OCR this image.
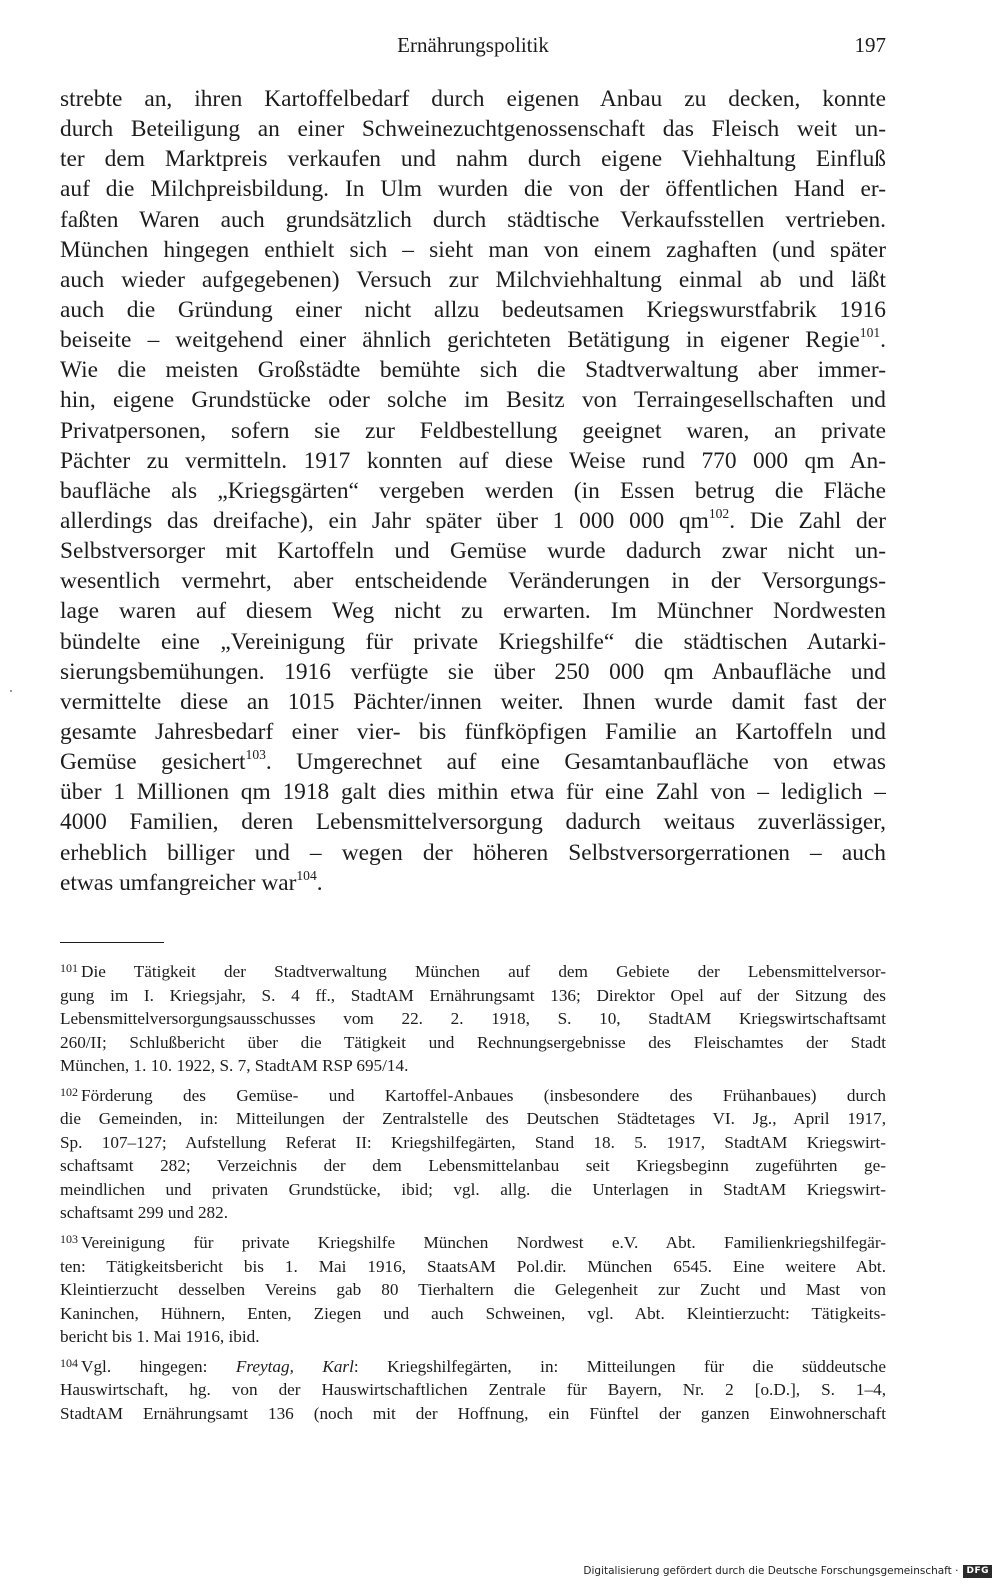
Ernährungspolitik	197
strebte an, ihren Kartoffelbedarf durch eigenen Anbau zu decken, konnte
durch Beteiligung an einer Schweinezuchtgenossenschaft das Fleisch weit un-
ter dem Marktpreis verkaufen und nahm durch eigene Viehhaltung Einfluß
auf die Milchpreisbildung. In Ulm wurden die von der öffentlichen Hand er-
faßten Waren auch grundsätzlich durch städtische Verkaufsstellen vertrieben.
München hingegen enthielt sich – sieht man von einem zaghaften (und später
auch wieder aufgegebenen) Versuch zur Milchviehhaltung einmal ab und läßt
auch die Gründung einer nicht allzu bedeutsamen Kriegswurstfabrik 1916
beiseite – weitgehend einer ähnlich gerichteten Betätigung in eigener Regie$^{101}$.
Wie die meisten Großstädte bemühte sich die Stadtverwaltung aber immer-
hin, eigene Grundstücke oder solche im Besitz von Terraingesellschaften und
Privatpersonen, sofern sie zur Feldbestellung geeignet waren, an private
Pächter zu vermitteln. 1917 konnten auf diese Weise rund 770 000 qm An-
baufläche als „Kriegsgärten“ vergeben werden (in Essen betrug die Fläche
allerdings das dreifache), ein Jahr später über 1 000 000 $qm^{102}$. Die Zahl der
Selbstversorger mit Kartoffeln und Gemüse wurde dadurch zwar nicht un-
wesentlich vermehrt, aber entscheidende Veränderungen in der Versorgungs-
lage waren auf diesem Weg nicht zu erwarten. Im Münchner Nordwesten
bündelte eine „Vereinigung für private Kriegshilfe“ die städtischen Autarki-
sierungsbemühungen. 1916 verfügte sie über 250 000 qm Anbaufläche und
vermittelte diese an 1015 Pächter/innen weiter. Ihnen wurde damit fast der
gesamte Jahresbedarf einer vier- bis fünfköpfigen Familie an Kartoffeln und
Gemüse gesichert$^{103}$. Umgerechnet auf eine Gesamtanbaufläche von etwas
über 1 Millionen qm 1918 galt dies mithin etwa für eine Zahl von – lediglich –
4000 Familien, deren Lebensmittelversorgung dadurch weitaus zuverlässiger,
erheblich billiger und – wegen der höheren Selbstversorgerrationen – auch
etwas umfangreicher war$^{104}$.
$^{101}$ Die Tätigkeit der Stadtverwaltung München auf dem Gebiete der Lebensmittelversor-
gung im I. Kriegsjahr, S. 4 ff., StadtAM Ernährungsamt 136; Direktor Opel auf der Sitzung des
Lebensmittelversorgungsausschusses vom 22. 2. 1918, S. 10, StadtAM Kriegswirtschaftsamt
260/II; Schlußbericht über die Tätigkeit und Rechnungsergebnisse des Fleischamtes der Stadt
München, 1. 10. 1922, S. 7, StadtAM RSP 695/14.
$^{102}$ Förderung des Gemüse- und Kartoffel-Anbaues (insbesondere des Frühanbaues) durch
die Gemeinden, in: Mitteilungen der Zentralstelle des Deutschen Städtetages VI. Jg., April 1917,
Sp. 107–127; Aufstellung Referat II: Kriegshilfegärten, Stand 18. 5. 1917, StadtAM Kriegswirt-
schaftsamt 282; Verzeichnis der dem Lebensmittelanbau seit Kriegsbeginn zugeführten ge-
meindlichen und privaten Grundstücke, ibid; vgl. allg. die Unterlagen in StadtAM Kriegswirt-
schaftsamt 299 und 282.
$^{103}$ Vereinigung für private Kriegshilfe München Nordwest e.V. Abt. Familienkriegshilfegär-
ten: Tätigkeitsbericht bis 1. Mai 1916, StaatsAM Pol.dir. München 6545. Eine weitere Abt.
Kleintierzucht desselben Vereins gab 80 Tierhaltern die Gelegenheit zur Zucht und Mast von
Kaninchen, Hühnern, Enten, Ziegen und auch Schweinen, vgl. Abt. Kleintierzucht: Tätigkeits-
bericht bis 1. Mai 1916, ibid.
$^{104}$ Vgl. hingegen: Freytag, Karl: Kriegshilfegärten, in: Mitteilungen für die süddeutsche
Hauswirtschaft, hg. von der Hauswirtschaftlichen Zentrale für Bayern, Nr. 2 [o.D.], S. 1–4,
StadtAM Ernährungsamt 136 (noch mit der Hoffnung, ein Fünftel der ganzen Einwohnerschaft
Digitalisierung gefördert durch die Deutsche Forschungsgemeinschaft · DFG
